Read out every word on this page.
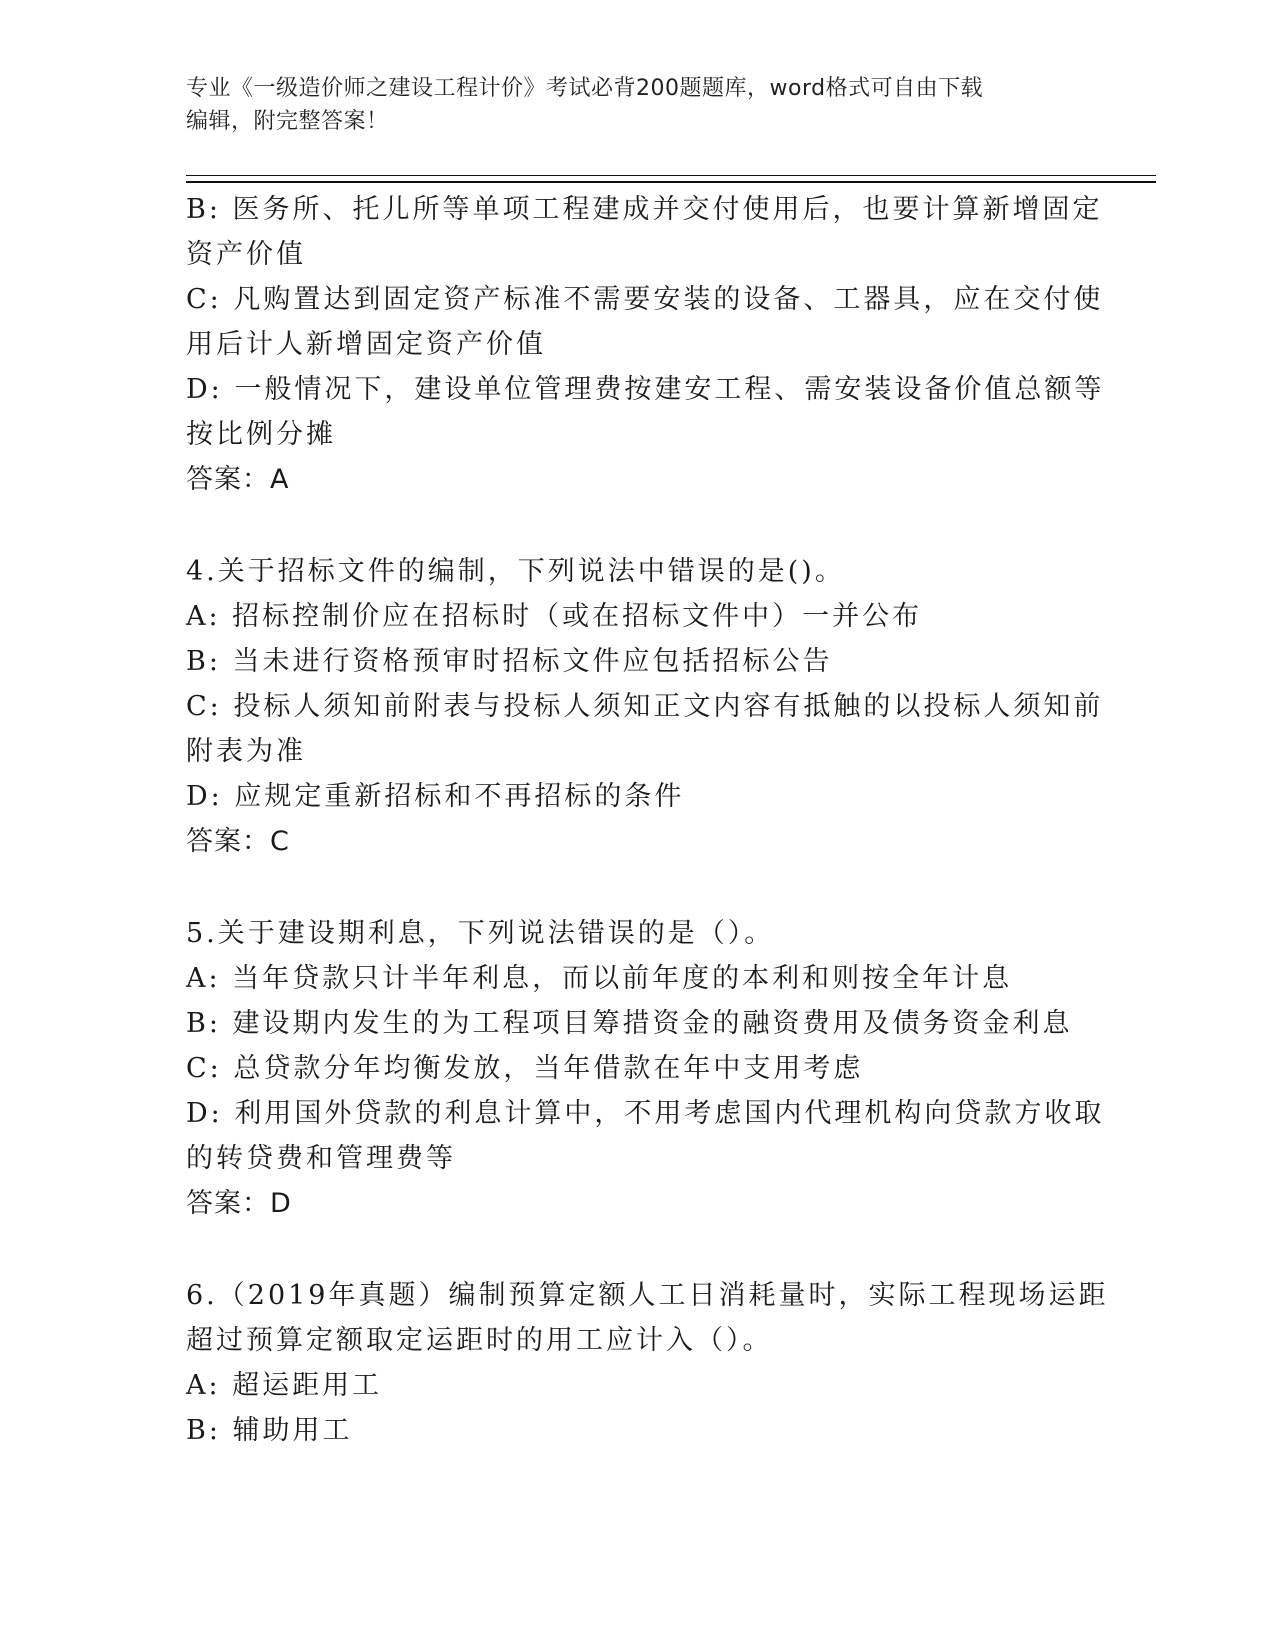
专业《一级造价师之建设工程计价》考试必背200题题库，word格式可自由下载
编辑，附完整答案！
B: 医务所、托儿所等单项工程建成并交付使用后，也要计算新增固定
资产价值
C: 凡购置达到固定资产标准不需要安装的设备、工器具，应在交付使
用后计人新增固定资产价值
D: 一般情况下，建设单位管理费按建安工程、需安装设备价值总额等
按比例分摊
答案：A
4.关于招标文件的编制，下列说法中错误的是()。
A: 招标控制价应在招标时（或在招标文件中）一并公布
B: 当未进行资格预审时招标文件应包括招标公告
C: 投标人须知前附表与投标人须知正文内容有抵触的以投标人须知前
附表为准
D: 应规定重新招标和不再招标的条件
答案：C
5.关于建设期利息，下列说法错误的是（）。
A: 当年贷款只计半年利息，而以前年度的本利和则按全年计息
B: 建设期内发生的为工程项目筹措资金的融资费用及债务资金利息
C: 总贷款分年均衡发放，当年借款在年中支用考虑
D: 利用国外贷款的利息计算中，不用考虑国内代理机构向贷款方收取
的转贷费和管理费等
答案：D
6.（2019年真题）编制预算定额人工日消耗量时，实际工程现场运距
超过预算定额取定运距时的用工应计入（）。
A: 超运距用工
B: 辅助用工
